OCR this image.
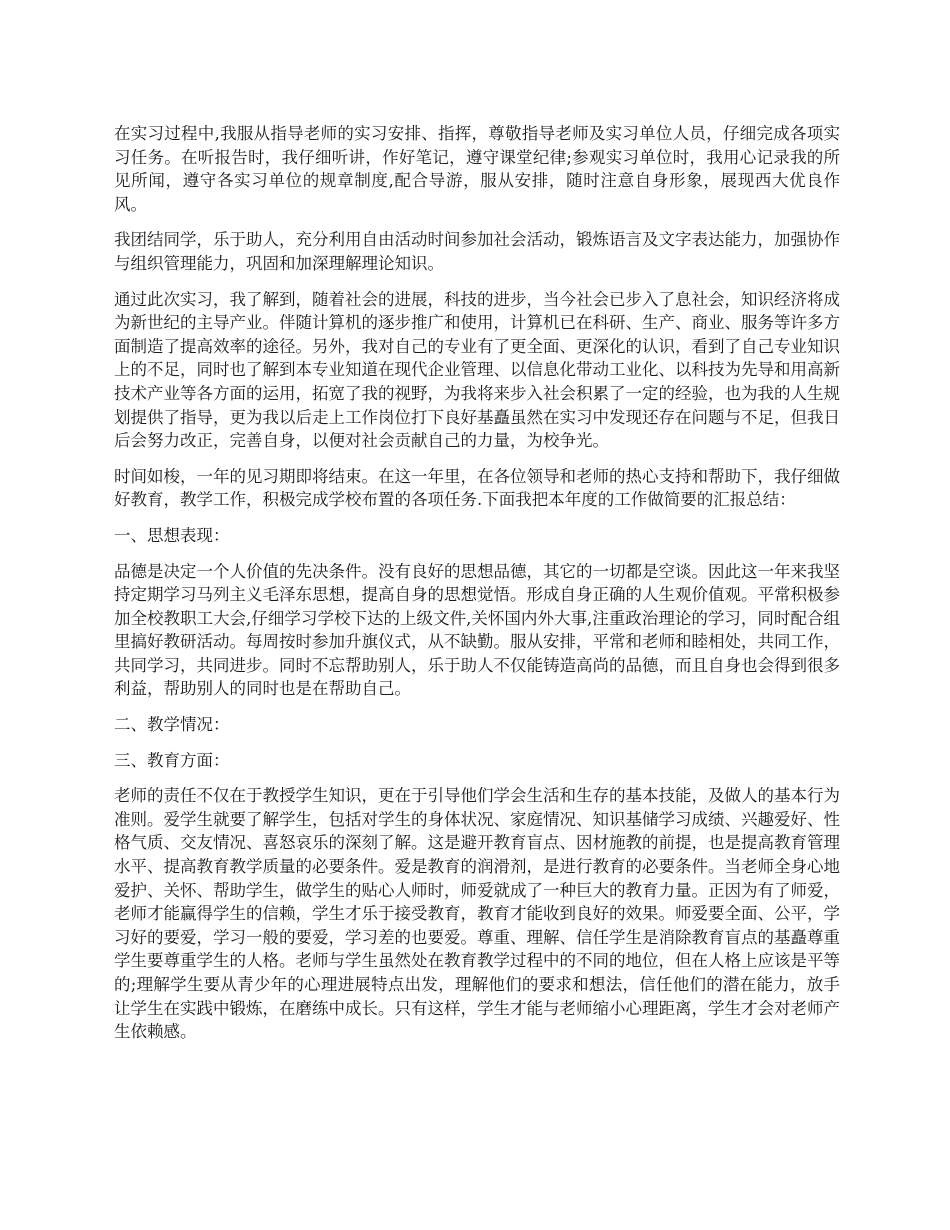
在实习过程中,我服从指导老师的实习安排、指挥，尊敬指导老师及实习单位人员，仔细完成各项实习任务。在听报告时，我仔细听讲，作好笔记，遵守课堂纪律;参观实习单位时，我用心记录我的所见所闻，遵守各实习单位的规章制度,配合导游，服从安排，随时注意自身形象，展现西大优良作风。

我团结同学，乐于助人，充分利用自由活动时间参加社会活动，锻炼语言及文字表达能力，加强协作与组织管理能力，巩固和加深理解理论知识。

通过此次实习，我了解到，随着社会的进展，科技的进步，当今社会已步入了息社会，知识经济将成为新世纪的主导产业。伴随计算机的逐步推广和使用，计算机已在科研、生产、商业、服务等许多方面制造了提高效率的途径。另外，我对自己的专业有了更全面、更深化的认识，看到了自己专业知识上的不足，同时也了解到本专业知道在现代企业管理、以信息化带动工业化、以科技为先导和用高新技术产业等各方面的运用，拓宽了我的视野，为我将来步入社会积累了一定的经验，也为我的人生规划提供了指导，更为我以后走上工作岗位打下良好基矗虽然在实习中发现还存在问题与不足，但我日后会努力改正，完善自身，以便对社会贡献自己的力量，为校争光。

时间如梭，一年的见习期即将结束。在这一年里，在各位领导和老师的热心支持和帮助下，我仔细做好教育，教学工作，积极完成学校布置的各项任务.下面我把本年度的工作做简要的汇报总结：

一、思想表现：

品德是决定一个人价值的先决条件。没有良好的思想品德，其它的一切都是空谈。因此这一年来我坚持定期学习马列主义毛泽东思想，提高自身的思想觉悟。形成自身正确的人生观价值观。平常积极参加全校教职工大会,仔细学习学校下达的上级文件,关怀国内外大事,注重政治理论的学习，同时配合组里搞好教研活动。每周按时参加升旗仪式，从不缺勤。服从安排，平常和老师和睦相处，共同工作，共同学习，共同进步。同时不忘帮助别人，乐于助人不仅能铸造高尚的品德，而且自身也会得到很多利益，帮助别人的同时也是在帮助自己。

二、教学情况：

三、教育方面：

老师的责任不仅在于教授学生知识，更在于引导他们学会生活和生存的基本技能，及做人的基本行为准则。爱学生就要了解学生，包括对学生的身体状况、家庭情况、知识基储学习成绩、兴趣爱好、性格气质、交友情况、喜怒哀乐的深刻了解。这是避开教育盲点、因材施教的前提，也是提高教育管理水平、提高教育教学质量的必要条件。爱是教育的润滑剂，是进行教育的必要条件。当老师全身心地爱护、关怀、帮助学生，做学生的贴心人师时，师爱就成了一种巨大的教育力量。正因为有了师爱，老师才能赢得学生的信赖，学生才乐于接受教育，教育才能收到良好的效果。师爱要全面、公平，学习好的要爱，学习一般的要爱，学习差的也要爱。尊重、理解、信任学生是消除教育盲点的基矗尊重学生要尊重学生的人格。老师与学生虽然处在教育教学过程中的不同的地位，但在人格上应该是平等的;理解学生要从青少年的心理进展特点出发，理解他们的要求和想法，信任他们的潜在能力，放手让学生在实践中锻炼，在磨练中成长。只有这样，学生才能与老师缩小心理距离，学生才会对老师产生依赖感。
